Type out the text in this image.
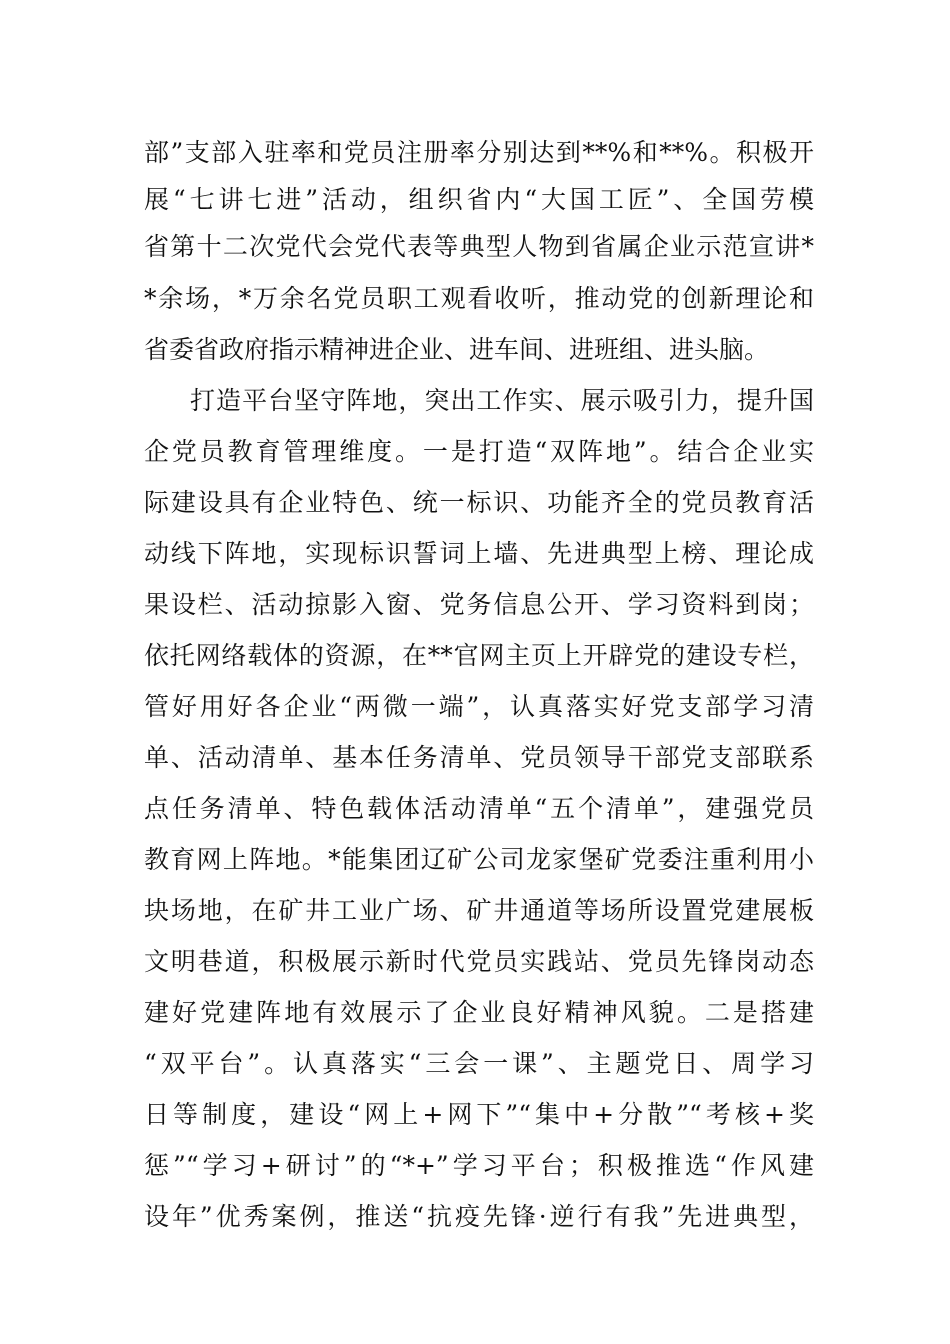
部”支部入驻率和党员注册率分别达到**%和**%。积极开
展“七讲七进”活动，组织省内“大国工匠”、全国劳模
省第十二次党代会党代表等典型人物到省属企业示范宣讲*
*余场，*万余名党员职工观看收听，推动党的创新理论和
省委省政府指示精神进企业、进车间、进班组、进头脑。
打造平台坚守阵地，突出工作实、展示吸引力，提升国
企党员教育管理维度。一是打造“双阵地”。结合企业实
际建设具有企业特色、统一标识、功能齐全的党员教育活
动线下阵地，实现标识誓词上墙、先进典型上榜、理论成
果设栏、活动掠影入窗、党务信息公开、学习资料到岗；
依托网络载体的资源，在**官网主页上开辟党的建设专栏，
管好用好各企业“两微一端”，认真落实好党支部学习清
单、活动清单、基本任务清单、党员领导干部党支部联系
点任务清单、特色载体活动清单“五个清单”，建强党员
教育网上阵地。*能集团辽矿公司龙家堡矿党委注重利用小
块场地，在矿井工业广场、矿井通道等场所设置党建展板
文明巷道，积极展示新时代党员实践站、党员先锋岗动态
建好党建阵地有效展示了企业良好精神风貌。二是搭建
“双平台”。认真落实“三会一课”、主题党日、周学习
日等制度，建设“网上+网下”“集中+分散”“考核+奖
惩”“学习+研讨”的“*+”学习平台；积极推选“作风建
设年”优秀案例，推送“抗疫先锋·逆行有我”先进典型，
